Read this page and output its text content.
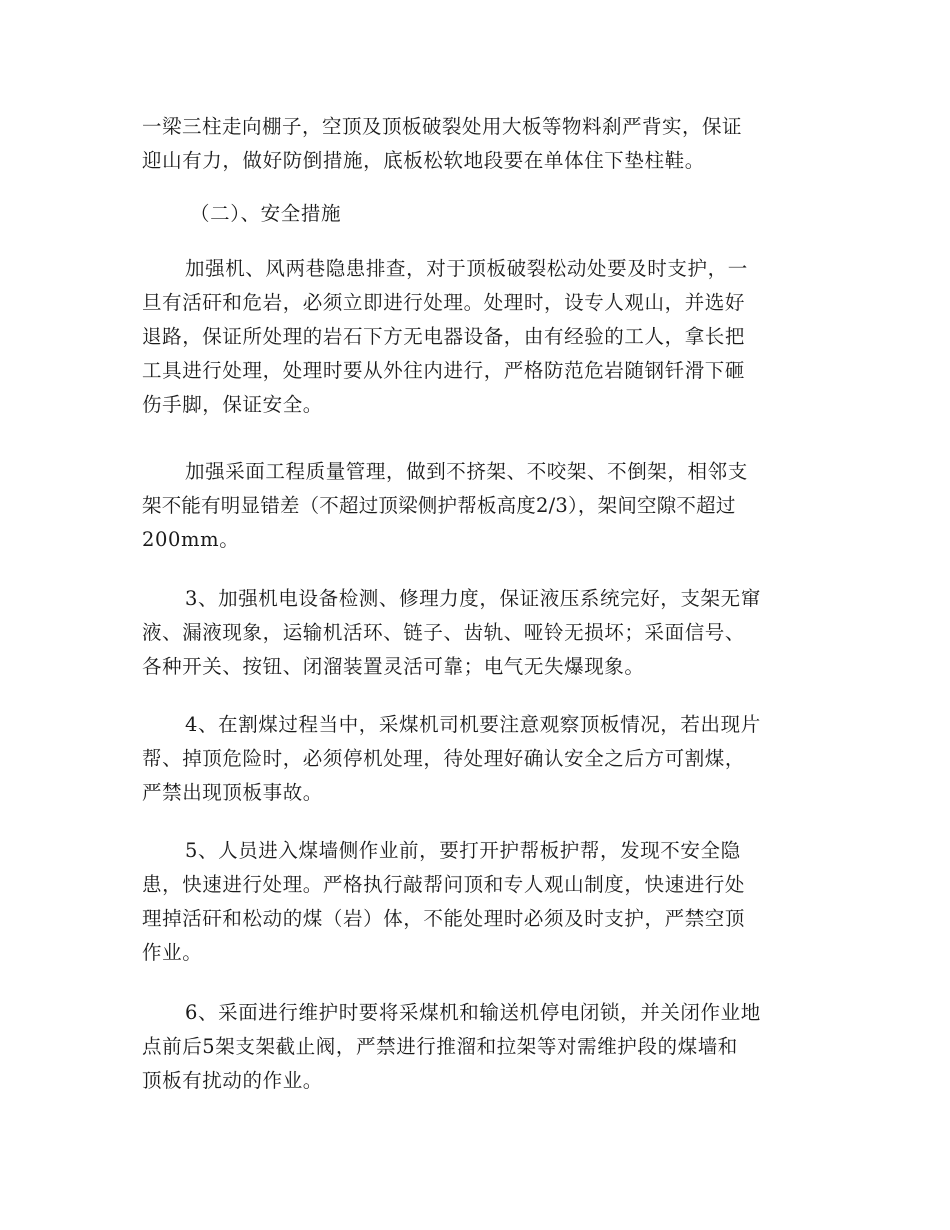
一梁三柱走向棚子，空顶及顶板破裂处用大板等物料刹严背实，保证
迎山有力，做好防倒措施，底板松软地段要在单体住下垫柱鞋。
（二）、安全措施
加强机、风两巷隐患排查，对于顶板破裂松动处要及时支护，一
旦有活矸和危岩，必须立即进行处理。处理时，设专人观山，并选好
退路，保证所处理的岩石下方无电器设备，由有经验的工人，拿长把
工具进行处理，处理时要从外往内进行，严格防范危岩随钢钎滑下砸
伤手脚，保证安全。
加强采面工程质量管理，做到不挤架、不咬架、不倒架，相邻支
架不能有明显错差（不超过顶梁侧护帮板高度2/3），架间空隙不超过
200mm。
3、加强机电设备检测、修理力度，保证液压系统完好，支架无窜
液、漏液现象，运输机活环、链子、齿轨、哑铃无损坏；采面信号、
各种开关、按钮、闭溜装置灵活可靠；电气无失爆现象。
4、在割煤过程当中，采煤机司机要注意观察顶板情况，若出现片
帮、掉顶危险时，必须停机处理，待处理好确认安全之后方可割煤，
严禁出现顶板事故。
5、人员进入煤墙侧作业前，要打开护帮板护帮，发现不安全隐
患，快速进行处理。严格执行敲帮问顶和专人观山制度，快速进行处
理掉活矸和松动的煤（岩）体，不能处理时必须及时支护，严禁空顶
作业。
6、采面进行维护时要将采煤机和输送机停电闭锁，并关闭作业地
点前后5架支架截止阀，严禁进行推溜和拉架等对需维护段的煤墙和
顶板有扰动的作业。
